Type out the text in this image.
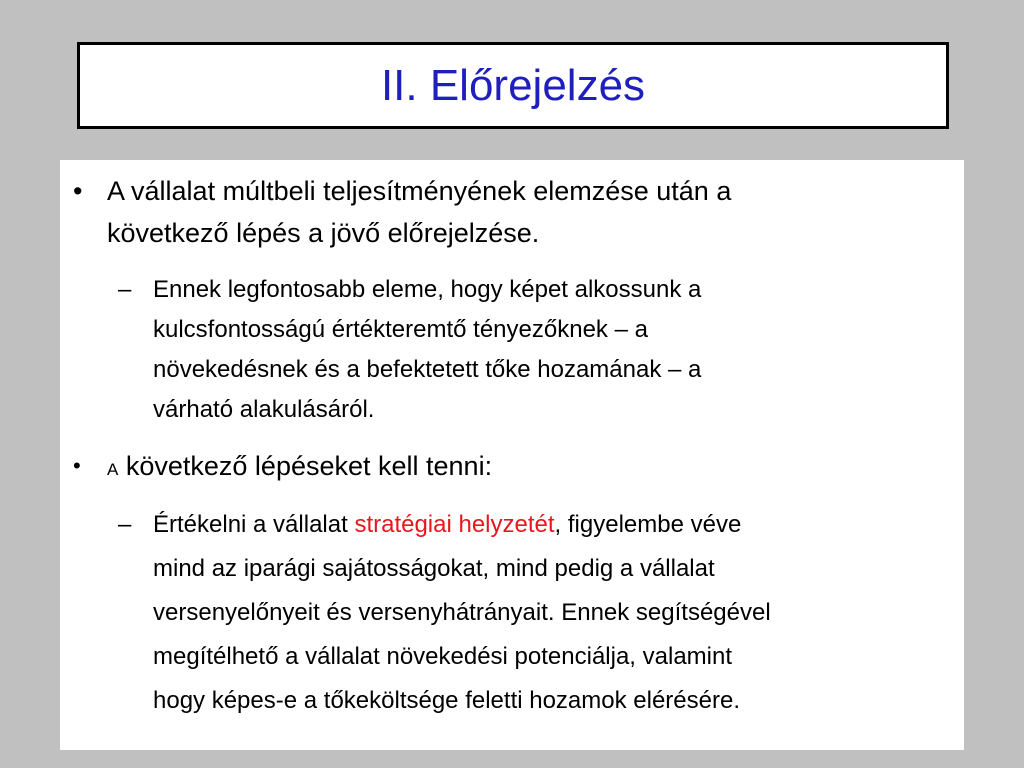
II. Előrejelzés
• A vállalat múltbeli teljesítményének elemzése után a
következő lépés a jövő előrejelzése.
– Ennek legfontosabb eleme, hogy képet alkossunk a
kulcsfontosságú értékteremtő tényezőknek – a
növekedésnek és a befektetett tőke hozamának – a
várható alakulásáról.
•	A következő lépéseket kell tenni:
– Értékelni a vállalat stratégiai helyzetét, figyelembe véve
mind az iparági sajátosságokat, mind pedig a vállalat
versenyelőnyeit és versenyhátrányait. Ennek segítségével
megítélhető a vállalat növekedési potenciálja, valamint
hogy képes-e a tőkeköltsége feletti hozamok elérésére.
